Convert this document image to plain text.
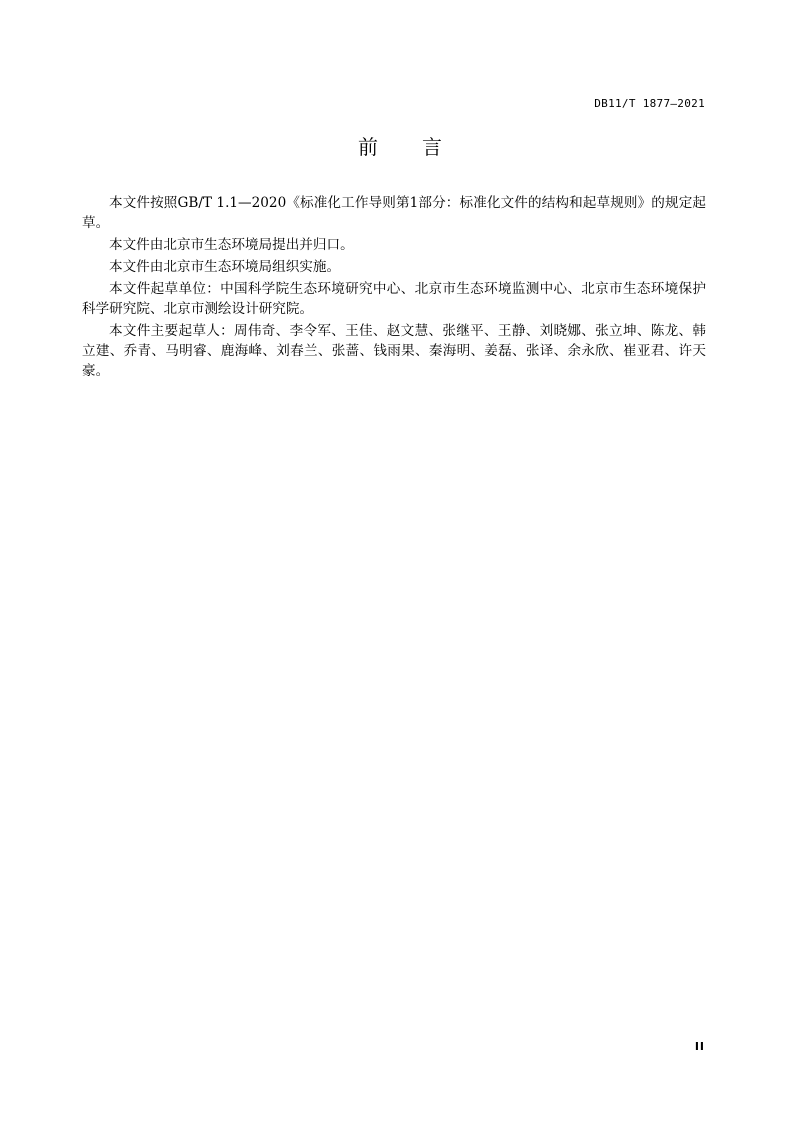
DB11/T 1877—2021
前言

本文件按照GB/T 1.1—2020《标准化工作导则第1部分：标准化文件的结构和起草规则》的规定起草。

本文件由北京市生态环境局提出并归口。

本文件由北京市生态环境局组织实施。

本文件起草单位：中国科学院生态环境研究中心、北京市生态环境监测中心、北京市生态环境保护科学研究院、北京市测绘设计研究院。

本文件主要起草人：周伟奇、李令军、王佳、赵文慧、张继平、王静、刘晓娜、张立坤、陈龙、韩立建、乔青、马明睿、鹿海峰、刘春兰、张蔷、钱雨果、秦海明、姜磊、张译、余永欣、崔亚君、许天豪。

II
